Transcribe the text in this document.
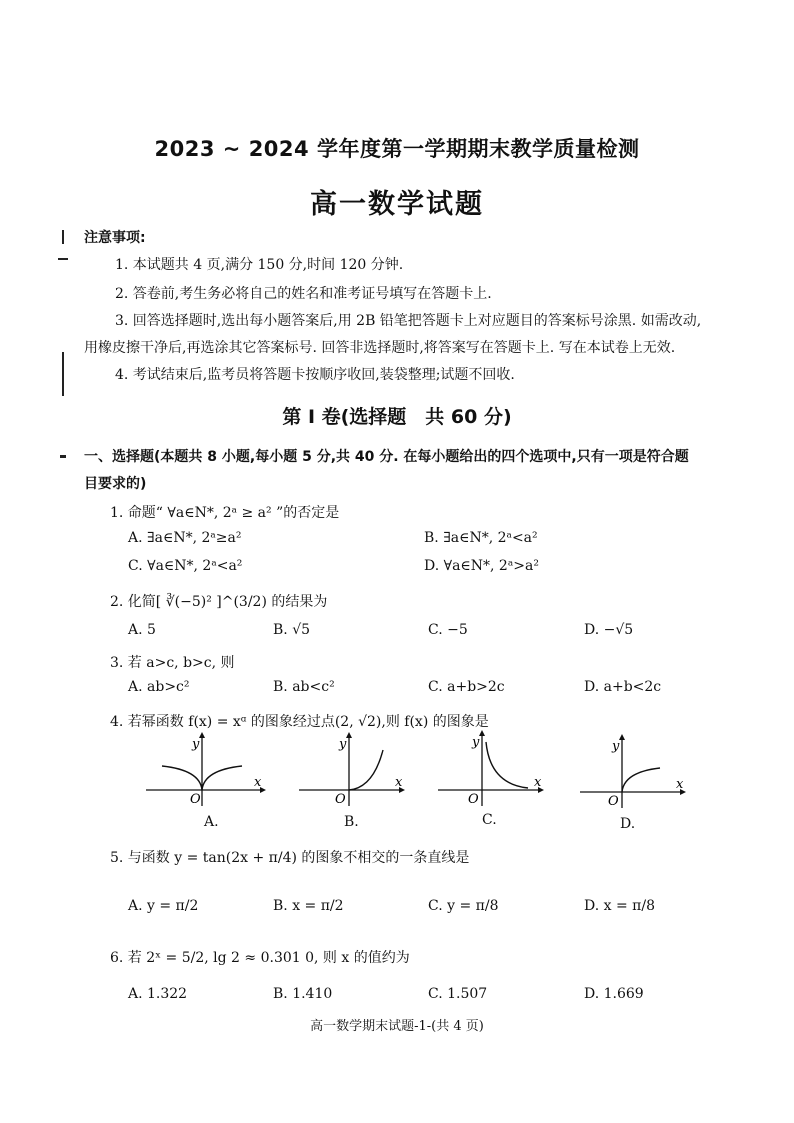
2023 ~ 2024 学年度第一学期期末教学质量检测
高一数学试题
注意事项:
1. 本试题共 4 页,满分 150 分,时间 120 分钟.
2. 答卷前,考生务必将自己的姓名和准考证号填写在答题卡上.
3. 回答选择题时,选出每小题答案后,用 2B 铅笔把答题卡上对应题目的答案标号涂黑. 如需改动,
用橡皮擦干净后,再选涂其它答案标号. 回答非选择题时,将答案写在答题卡上. 写在本试卷上无效.
4. 考试结束后,监考员将答题卡按顺序收回,装袋整理;试题不回收.
第 Ⅰ 卷(选择题　共 60 分)
一、选择题(本题共 8 小题,每小题 5 分,共 40 分. 在每小题给出的四个选项中,只有一项是符合题
目要求的)
1. 命题“ ∀a∈N*, 2ᵃ ≥ a² ”的否定是
A. ∃a∈N*, 2ᵃ≥a²	B. ∃a∈N*, 2ᵃ<a²
C. ∀a∈N*, 2ᵃ<a²	D. ∀a∈N*, 2ᵃ>a²
2. 化简[ ∛(−5)² ]^(3/2) 的结果为
A. 5	B. √5	C. −5	D. −√5
3. 若 a>c, b>c, 则
A. ab>c²	B. ab<c²	C. a+b>2c	D. a+b<2c
4. 若幂函数 f(x) = xᵅ 的图象经过点(2, √2),则 f(x) 的图象是
y
x
O
A.
y
x
O
B.
y
x
O
C.
y
x
O
D.
5. 与函数 y = tan(2x + π/4) 的图象不相交的一条直线是
A. y = π/2	B. x = π/2	C. y = π/8	D. x = π/8
6. 若 2ˣ = 5/2, lg 2 ≈ 0.301 0, 则 x 的值约为
A. 1.322	B. 1.410	C. 1.507	D. 1.669
高一数学期末试题-1-(共 4 页)
